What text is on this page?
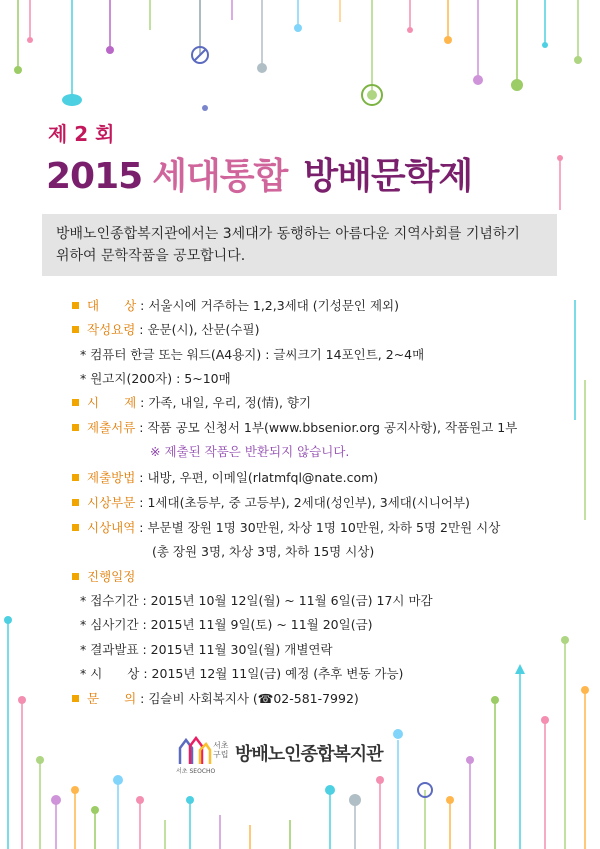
제 2 회
2015 세대통합 방배문학제
방배노인종합복지관에서는 3세대가 동행하는 아름다운 지역사회를 기념하기
위하여 문학작품을 공모합니다.
대　　상 : 서울시에 거주하는 1,2,3세대 (기성문인 제외)
작성요령 : 운문(시), 산문(수필)
* 컴퓨터 한글 또는 워드(A4용지) : 글씨크기 14포인트, 2~4매
* 원고지(200자) : 5~10매
시　　제 : 가족, 내일, 우리, 정(情), 향기
제출서류 : 작품 공모 신청서 1부(www.bbsenior.org 공지사항), 작품원고 1부
※ 제출된 작품은 반환되지 않습니다.
제출방법 : 내방, 우편, 이메일(rlatmfql@nate.com)
시상부문 : 1세대(초등부, 중 고등부), 2세대(성인부), 3세대(시니어부)
시상내역 : 부문별 장원 1명 30만원, 차상 1명 10만원, 차하 5명 2만원 시상
(총 장원 3명, 차상 3명, 차하 15명 시상)
진행일정
* 접수기간 : 2015년 10월 12일(월) ~ 11월 6일(금) 17시 마감
* 심사기간 : 2015년 11월 9일(토) ~ 11월 20일(금)
* 결과발표 : 2015년 11월 30일(월) 개별연락
* 시　　상 : 2015년 12월 11일(금) 예정 (추후 변동 가능)
문　　의 : 김슬비 사회복지사 (☎02-581-7992)
서초구립 방배노인종합복지관
서초 SEOCHO
